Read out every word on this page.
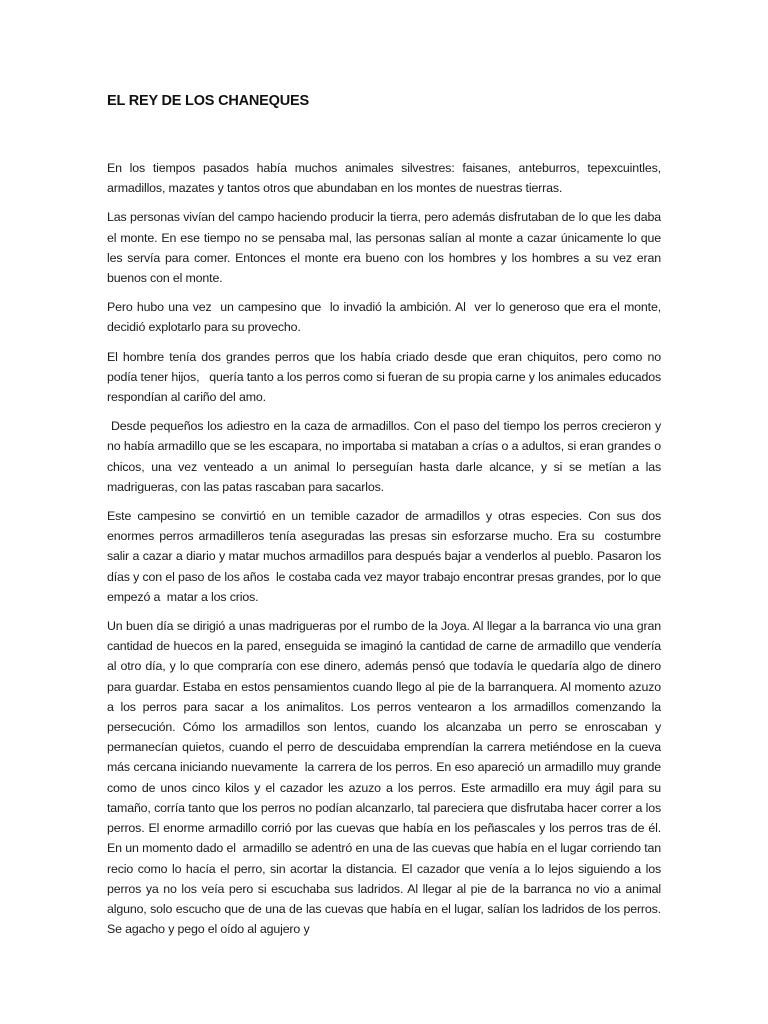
EL REY DE LOS CHANEQUES

En los tiempos pasados había muchos animales silvestres: faisanes, anteburros, tepexcuintles, armadillos, mazates y tantos otros que abundaban en los montes de nuestras tierras.

Las personas vivían del campo haciendo producir la tierra, pero además disfrutaban de lo que les daba el monte. En ese tiempo no se pensaba mal, las personas salían al monte a cazar únicamente lo que les servía para comer. Entonces el monte era bueno con los hombres y los hombres a su vez eran buenos con el monte.

Pero hubo una vez  un campesino que  lo invadió la ambición. Al  ver lo generoso que era el monte, decidió explotarlo para su provecho.

El hombre tenía dos grandes perros que los había criado desde que eran chiquitos, pero como no podía tener hijos,   quería tanto a los perros como si fueran de su propia carne y los animales educados respondían al cariño del amo.

Desde pequeños los adiestro en la caza de armadillos. Con el paso del tiempo los perros crecieron y no había armadillo que se les escapara, no importaba si mataban a crías o a adultos, si eran grandes o chicos, una vez venteado a un animal lo perseguían hasta darle alcance, y si se metían a las madrigueras, con las patas rascaban para sacarlos.

Este campesino se convirtió en un temible cazador de armadillos y otras especies. Con sus dos enormes perros armadilleros tenía aseguradas las presas sin esforzarse mucho. Era su  costumbre salir a cazar a diario y matar muchos armadillos para después bajar a venderlos al pueblo. Pasaron los días y con el paso de los años  le costaba cada vez mayor trabajo encontrar presas grandes, por lo que empezó a  matar a los crios.

Un buen día se dirigió a unas madrigueras por el rumbo de la Joya. Al llegar a la barranca vio una gran cantidad de huecos en la pared, enseguida se imaginó la cantidad de carne de armadillo que vendería al otro día, y lo que compraría con ese dinero, además pensó que todavía le quedaría algo de dinero para guardar. Estaba en estos pensamientos cuando llego al pie de la barranquera. Al momento azuzo a los perros para sacar a los animalitos. Los perros ventearon a los armadillos comenzando la persecución. Cómo los armadillos son lentos, cuando los alcanzaba un perro se enroscaban y permanecían quietos, cuando el perro de descuidaba emprendían la carrera metiéndose en la cueva más cercana iniciando nuevamente  la carrera de los perros. En eso apareció un armadillo muy grande como de unos cinco kilos y el cazador les azuzo a los perros. Este armadillo era muy ágil para su tamaño, corría tanto que los perros no podían alcanzarlo, tal pareciera que disfrutaba hacer correr a los perros. El enorme armadillo corrió por las cuevas que había en los peñascales y los perros tras de él. En un momento dado el  armadillo se adentró en una de las cuevas que había en el lugar corriendo tan recio como lo hacía el perro, sin acortar la distancia. El cazador que venía a lo lejos siguiendo a los perros ya no los veía pero si escuchaba sus ladridos. Al llegar al pie de la barranca no vio a animal alguno, solo escucho que de una de las cuevas que había en el lugar, salían los ladridos de los perros. Se agacho y pego el oído al agujero y
